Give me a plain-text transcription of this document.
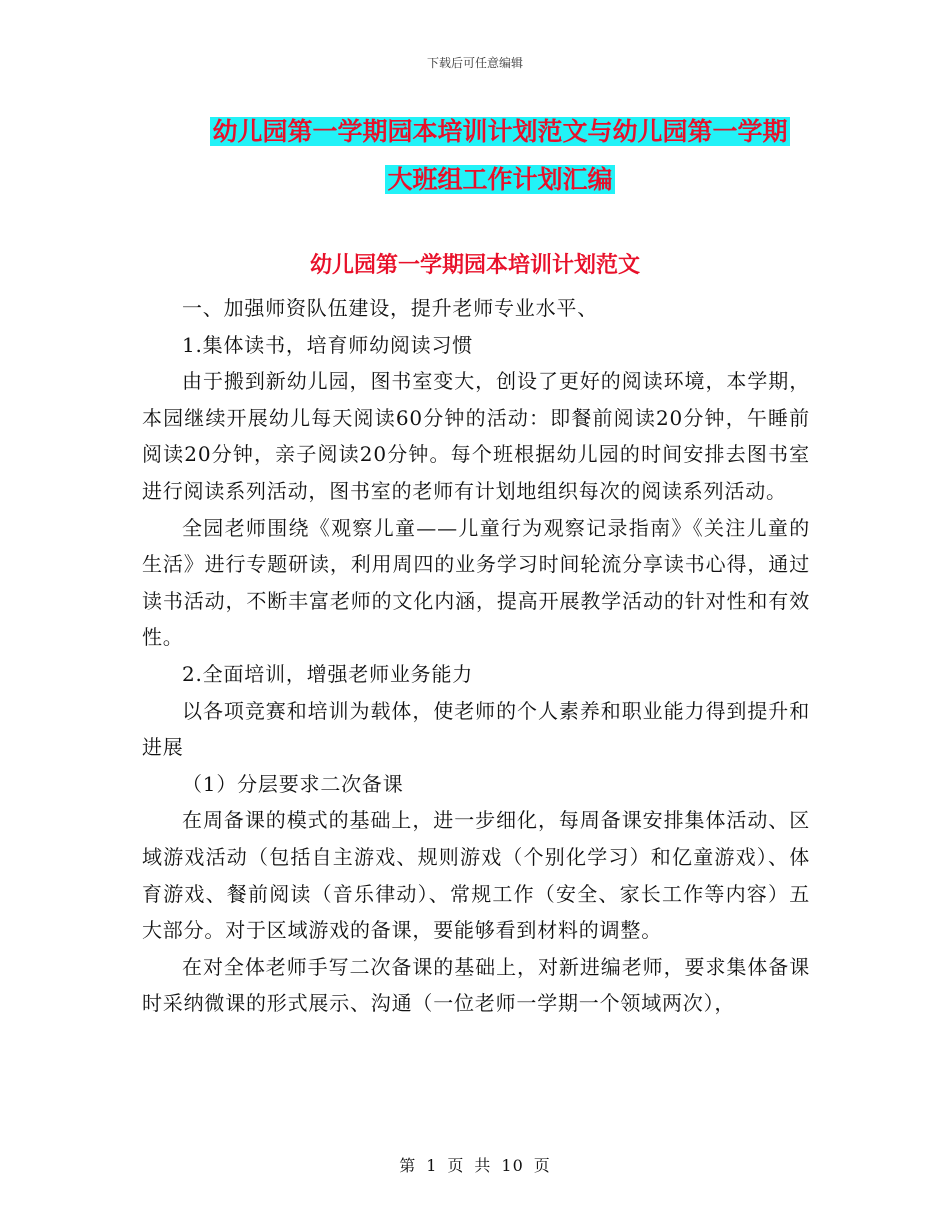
下载后可任意编辑
幼儿园第一学期园本培训计划范文与幼儿园第一学期
大班组工作计划汇编
幼儿园第一学期园本培训计划范文

一、加强师资队伍建设，提升老师专业水平、

1.集体读书，培育师幼阅读习惯

由于搬到新幼儿园，图书室变大，创设了更好的阅读环境，本学期，本园继续开展幼儿每天阅读60分钟的活动：即餐前阅读20分钟，午睡前阅读20分钟，亲子阅读20分钟。每个班根据幼儿园的时间安排去图书室进行阅读系列活动，图书室的老师有计划地组织每次的阅读系列活动。

全园老师围绕《观察儿童——儿童行为观察记录指南》《关注儿童的生活》进行专题研读，利用周四的业务学习时间轮流分享读书心得，通过读书活动，不断丰富老师的文化内涵，提高开展教学活动的针对性和有效性。

2.全面培训，增强老师业务能力

以各项竞赛和培训为载体，使老师的个人素养和职业能力得到提升和进展

（1）分层要求二次备课

在周备课的模式的基础上，进一步细化，每周备课安排集体活动、区域游戏活动（包括自主游戏、规则游戏（个别化学习）和亿童游戏）、体育游戏、餐前阅读（音乐律动）、常规工作（安全、家长工作等内容）五大部分。对于区域游戏的备课，要能够看到材料的调整。

在对全体老师手写二次备课的基础上，对新进编老师，要求集体备课时采纳微课的形式展示、沟通（一位老师一学期一个领域两次），

第 1 页 共 10 页
